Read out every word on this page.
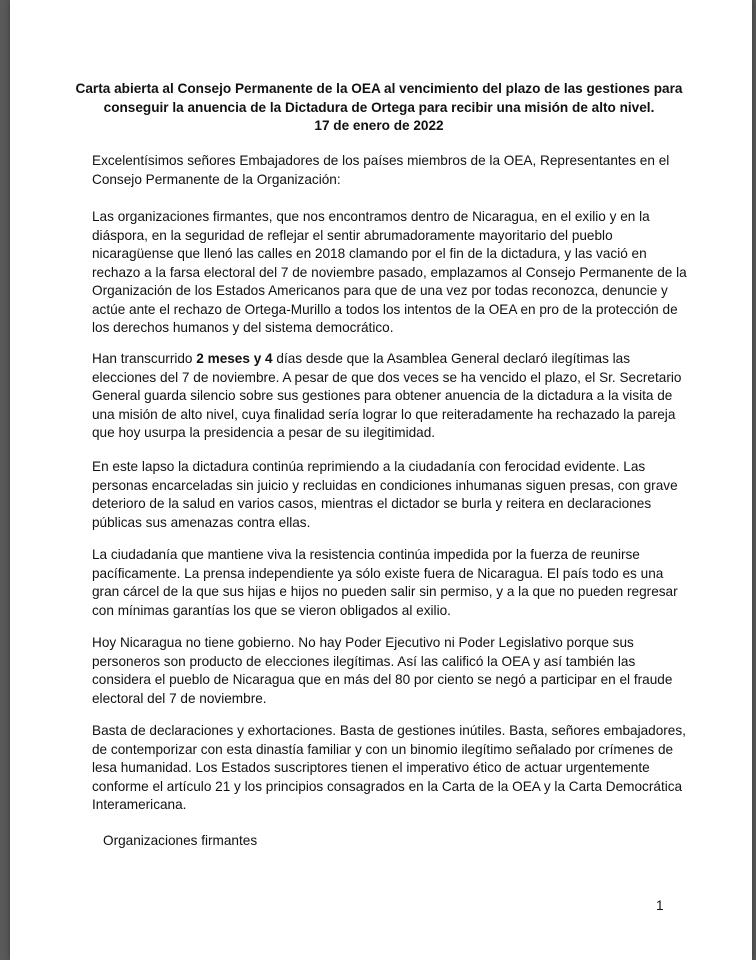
Carta abierta al Consejo Permanente de la OEA al vencimiento del plazo de las gestiones para
conseguir la anuencia de la Dictadura de Ortega para recibir una misión de alto nivel.
17 de enero de 2022
Excelentísimos señores Embajadores de los países miembros de la OEA, Representantes en el Consejo Permanente de la Organización:
Las organizaciones firmantes, que nos encontramos dentro de Nicaragua, en el exilio y en la diáspora, en la seguridad de reflejar el sentir abrumadoramente mayoritario del pueblo nicaragüense que llenó las calles en 2018 clamando por el fin de la dictadura, y las vació en rechazo a la farsa electoral del 7 de noviembre pasado, emplazamos al Consejo Permanente de la Organización de los Estados Americanos para que de una vez por todas reconozca, denuncie y actúe ante el rechazo de Ortega-Murillo a todos los intentos de la OEA en pro de la protección de los derechos humanos y del sistema democrático.
Han transcurrido 2 meses y 4 días desde que la Asamblea General declaró ilegítimas las elecciones del 7 de noviembre. A pesar de que dos veces se ha vencido el plazo, el Sr. Secretario General guarda silencio sobre sus gestiones para obtener anuencia de la dictadura a la visita de una misión de alto nivel, cuya finalidad sería lograr lo que reiteradamente ha rechazado la pareja que hoy usurpa la presidencia a pesar de su ilegitimidad.
En este lapso la dictadura continúa reprimiendo a la ciudadanía con ferocidad evidente. Las personas encarceladas sin juicio y recluidas en condiciones inhumanas siguen presas, con grave deterioro de la salud en varios casos, mientras el dictador se burla y reitera en declaraciones públicas sus amenazas contra ellas.
La ciudadanía que mantiene viva la resistencia continúa impedida por la fuerza de reunirse pacíficamente. La prensa independiente ya sólo existe fuera de Nicaragua. El país todo es una gran cárcel de la que sus hijas e hijos no pueden salir sin permiso, y a la que no pueden regresar con mínimas garantías los que se vieron obligados al exilio.
Hoy Nicaragua no tiene gobierno. No hay Poder Ejecutivo ni Poder Legislativo porque sus personeros son producto de elecciones ilegítimas. Así las calificó la OEA y así también las considera el pueblo de Nicaragua que en más del 80 por ciento se negó a participar en el fraude electoral del 7 de noviembre.
Basta de declaraciones y exhortaciones. Basta de gestiones inútiles. Basta, señores embajadores, de contemporizar con esta dinastía familiar y con un binomio ilegítimo señalado por crímenes de lesa humanidad. Los Estados suscriptores tienen el imperativo ético de actuar urgentemente conforme el artículo 21 y los principios consagrados en la Carta de la OEA y la Carta Democrática Interamericana.
Organizaciones firmantes
1
